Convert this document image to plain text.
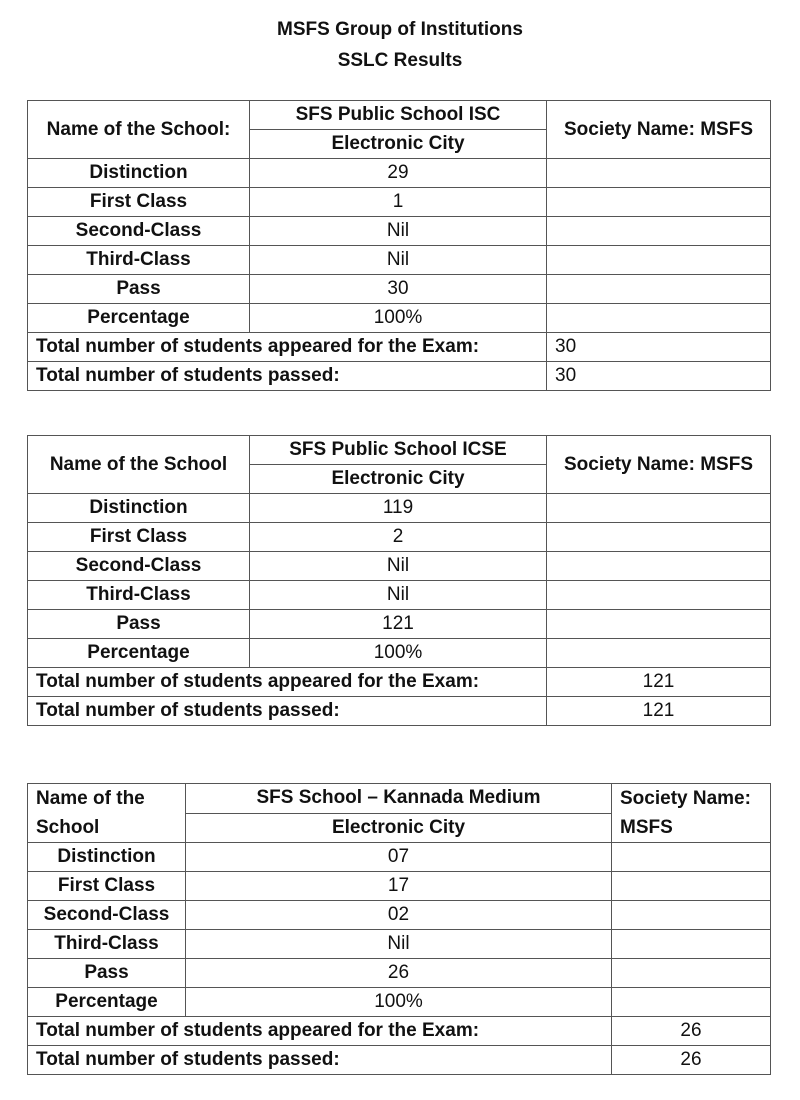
MSFS Group of Institutions
SSLC Results
Name of the School:	SFS Public School ISC	Society Name: MSFS
	Electronic City	
Distinction	29	
First Class	1	
Second-Class	Nil	
Third-Class	Nil	
Pass	30	
Percentage	100%	
Total number of students appeared for the Exam:		30
Total number of students passed:		30
Name of the School	SFS Public School ICSE	Society Name: MSFS
	Electronic City	
Distinction	119	
First Class	2	
Second-Class	Nil	
Third-Class	Nil	
Pass	121	
Percentage	100%	
Total number of students appeared for the Exam:		121
Total number of students passed:		121
Name of the School	SFS School – Kannada Medium	Society Name: MSFS
	Electronic City	
Distinction	07	
First Class	17	
Second-Class	02	
Third-Class	Nil	
Pass	26	
Percentage	100%	
Total number of students appeared for the Exam:		26
Total number of students passed:		26
